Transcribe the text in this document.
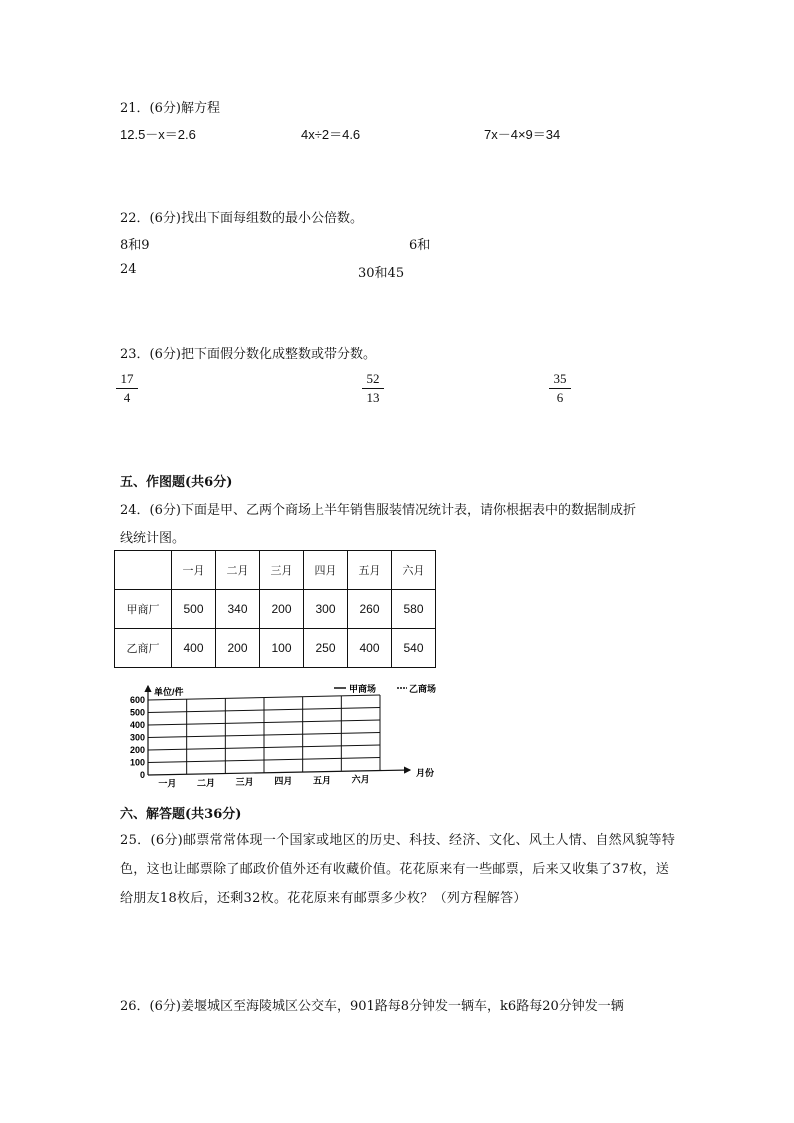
21．(6分)解方程
12.5－x＝2.6	4x÷2＝4.6	7x－4×9＝34
22．(6分)找出下面每组数的最小公倍数。
8和9	6和
24	30和45
23．(6分)把下面假分数化成整数或带分数。
17
4
52
13
35
6
五、作图题(共6分)
24．(6分)下面是甲、乙两个商场上半年销售服装情况统计表，请你根据表中的数据制成折
线统计图。
	一月	二月	三月	四月	五月	六月
甲商厂	500	340	200	300	260	580
乙商厂	400	200	100	250	400	540
单位/件
月份
甲商场	乙商场
600
500
400
300
200
100
0
一月 二月 三月 四月 五月 六月
六、解答题(共36分)
25．(6分)邮票常常体现一个国家或地区的历史、科技、经济、文化、风土人情、自然风貌等特色，这也让邮票除了邮政价值外还有收藏价值。花花原来有一些邮票，后来又收集了37枚，送给朋友18枚后，还剩32枚。花花原来有邮票多少枚？（列方程解答）
26．(6分)姜堰城区至海陵城区公交车，901路每8分钟发一辆车，k6路每20分钟发一辆
